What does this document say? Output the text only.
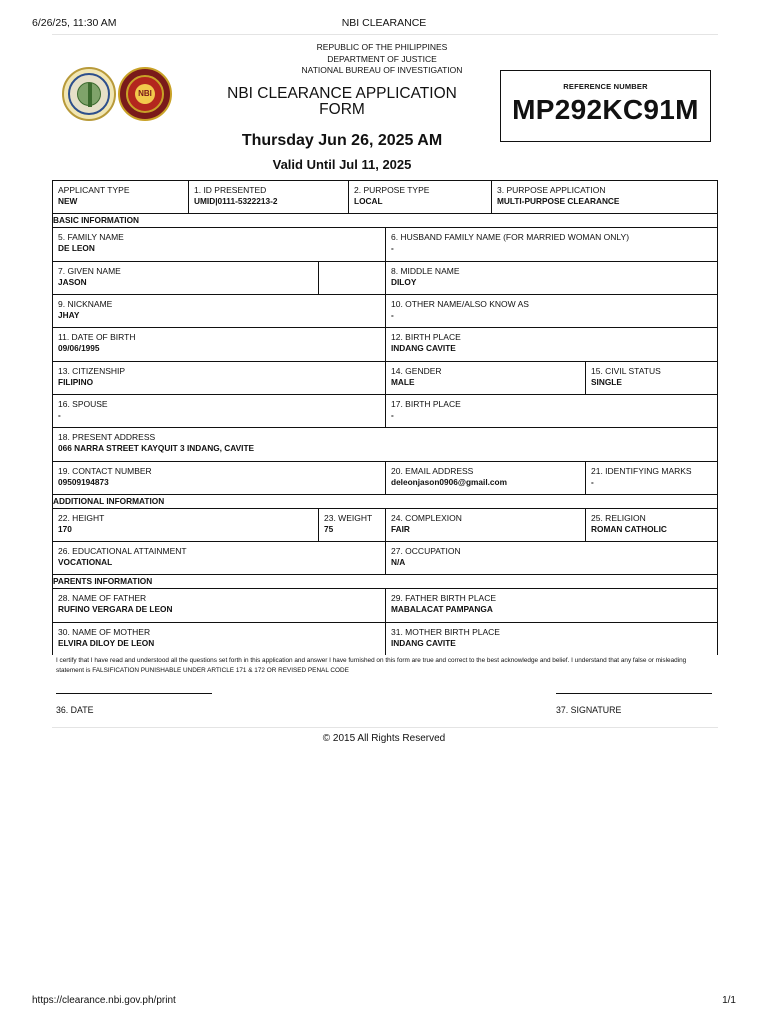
6/26/25, 11:30 AM	NBI CLEARANCE
REPUBLIC OF THE PHILIPPINES
DEPARTMENT OF JUSTICE
NATIONAL BUREAU OF INVESTIGATION
NBI	NBI CLEARANCE APPLICATION
FORM
REFERENCE NUMBER
MP292KC91M
Thursday Jun 26, 2025 AM
Valid Until Jul 11, 2025
APPLICANT TYPE
NEW
1. ID PRESENTED
UMID|0111-5322213-2
2. PURPOSE TYPE
LOCAL
3. PURPOSE APPLICATION
MULTI-PURPOSE CLEARANCE
BASIC INFORMATION
5. FAMILY NAME
DE LEON
6. HUSBAND FAMILY NAME (FOR MARRIED WOMAN ONLY)
-
7. GIVEN NAME
JASON
8. MIDDLE NAME
DILOY
9. NICKNAME
JHAY
10. OTHER NAME/ALSO KNOW AS
-
11. DATE OF BIRTH
09/06/1995
12. BIRTH PLACE
INDANG CAVITE
13. CITIZENSHIP
FILIPINO
14. GENDER
MALE
15. CIVIL STATUS
SINGLE
16. SPOUSE
-
17. BIRTH PLACE
-
18. PRESENT ADDRESS
066 NARRA STREET KAYQUIT 3 INDANG, CAVITE
19. CONTACT NUMBER
09509194873
20. EMAIL ADDRESS
deleonjason0906@gmail.com
21. IDENTIFYING MARKS
-
ADDITIONAL INFORMATION
22. HEIGHT
170
23. WEIGHT
75
24. COMPLEXION
FAIR
25. RELIGION
ROMAN CATHOLIC
26. EDUCATIONAL ATTAINMENT
VOCATIONAL
27. OCCUPATION
N/A
PARENTS INFORMATION
28. NAME OF FATHER
RUFINO VERGARA DE LEON
29. FATHER BIRTH PLACE
MABALACAT PAMPANGA
30. NAME OF MOTHER
ELVIRA DILOY DE LEON
31. MOTHER BIRTH PLACE
INDANG CAVITE
I certify that I have read and understood all the questions set forth in this application and answer I have furnished on this form are true and correct to the best acknowledge and belief. I understand that any false or misleading statement is FALSIFICATION PUNISHABLE UNDER ARTICLE 171 & 172 OR REVISED PENAL CODE
36. DATE	37. SIGNATURE
© 2015 All Rights Reserved
https://clearance.nbi.gov.ph/print	1/1
